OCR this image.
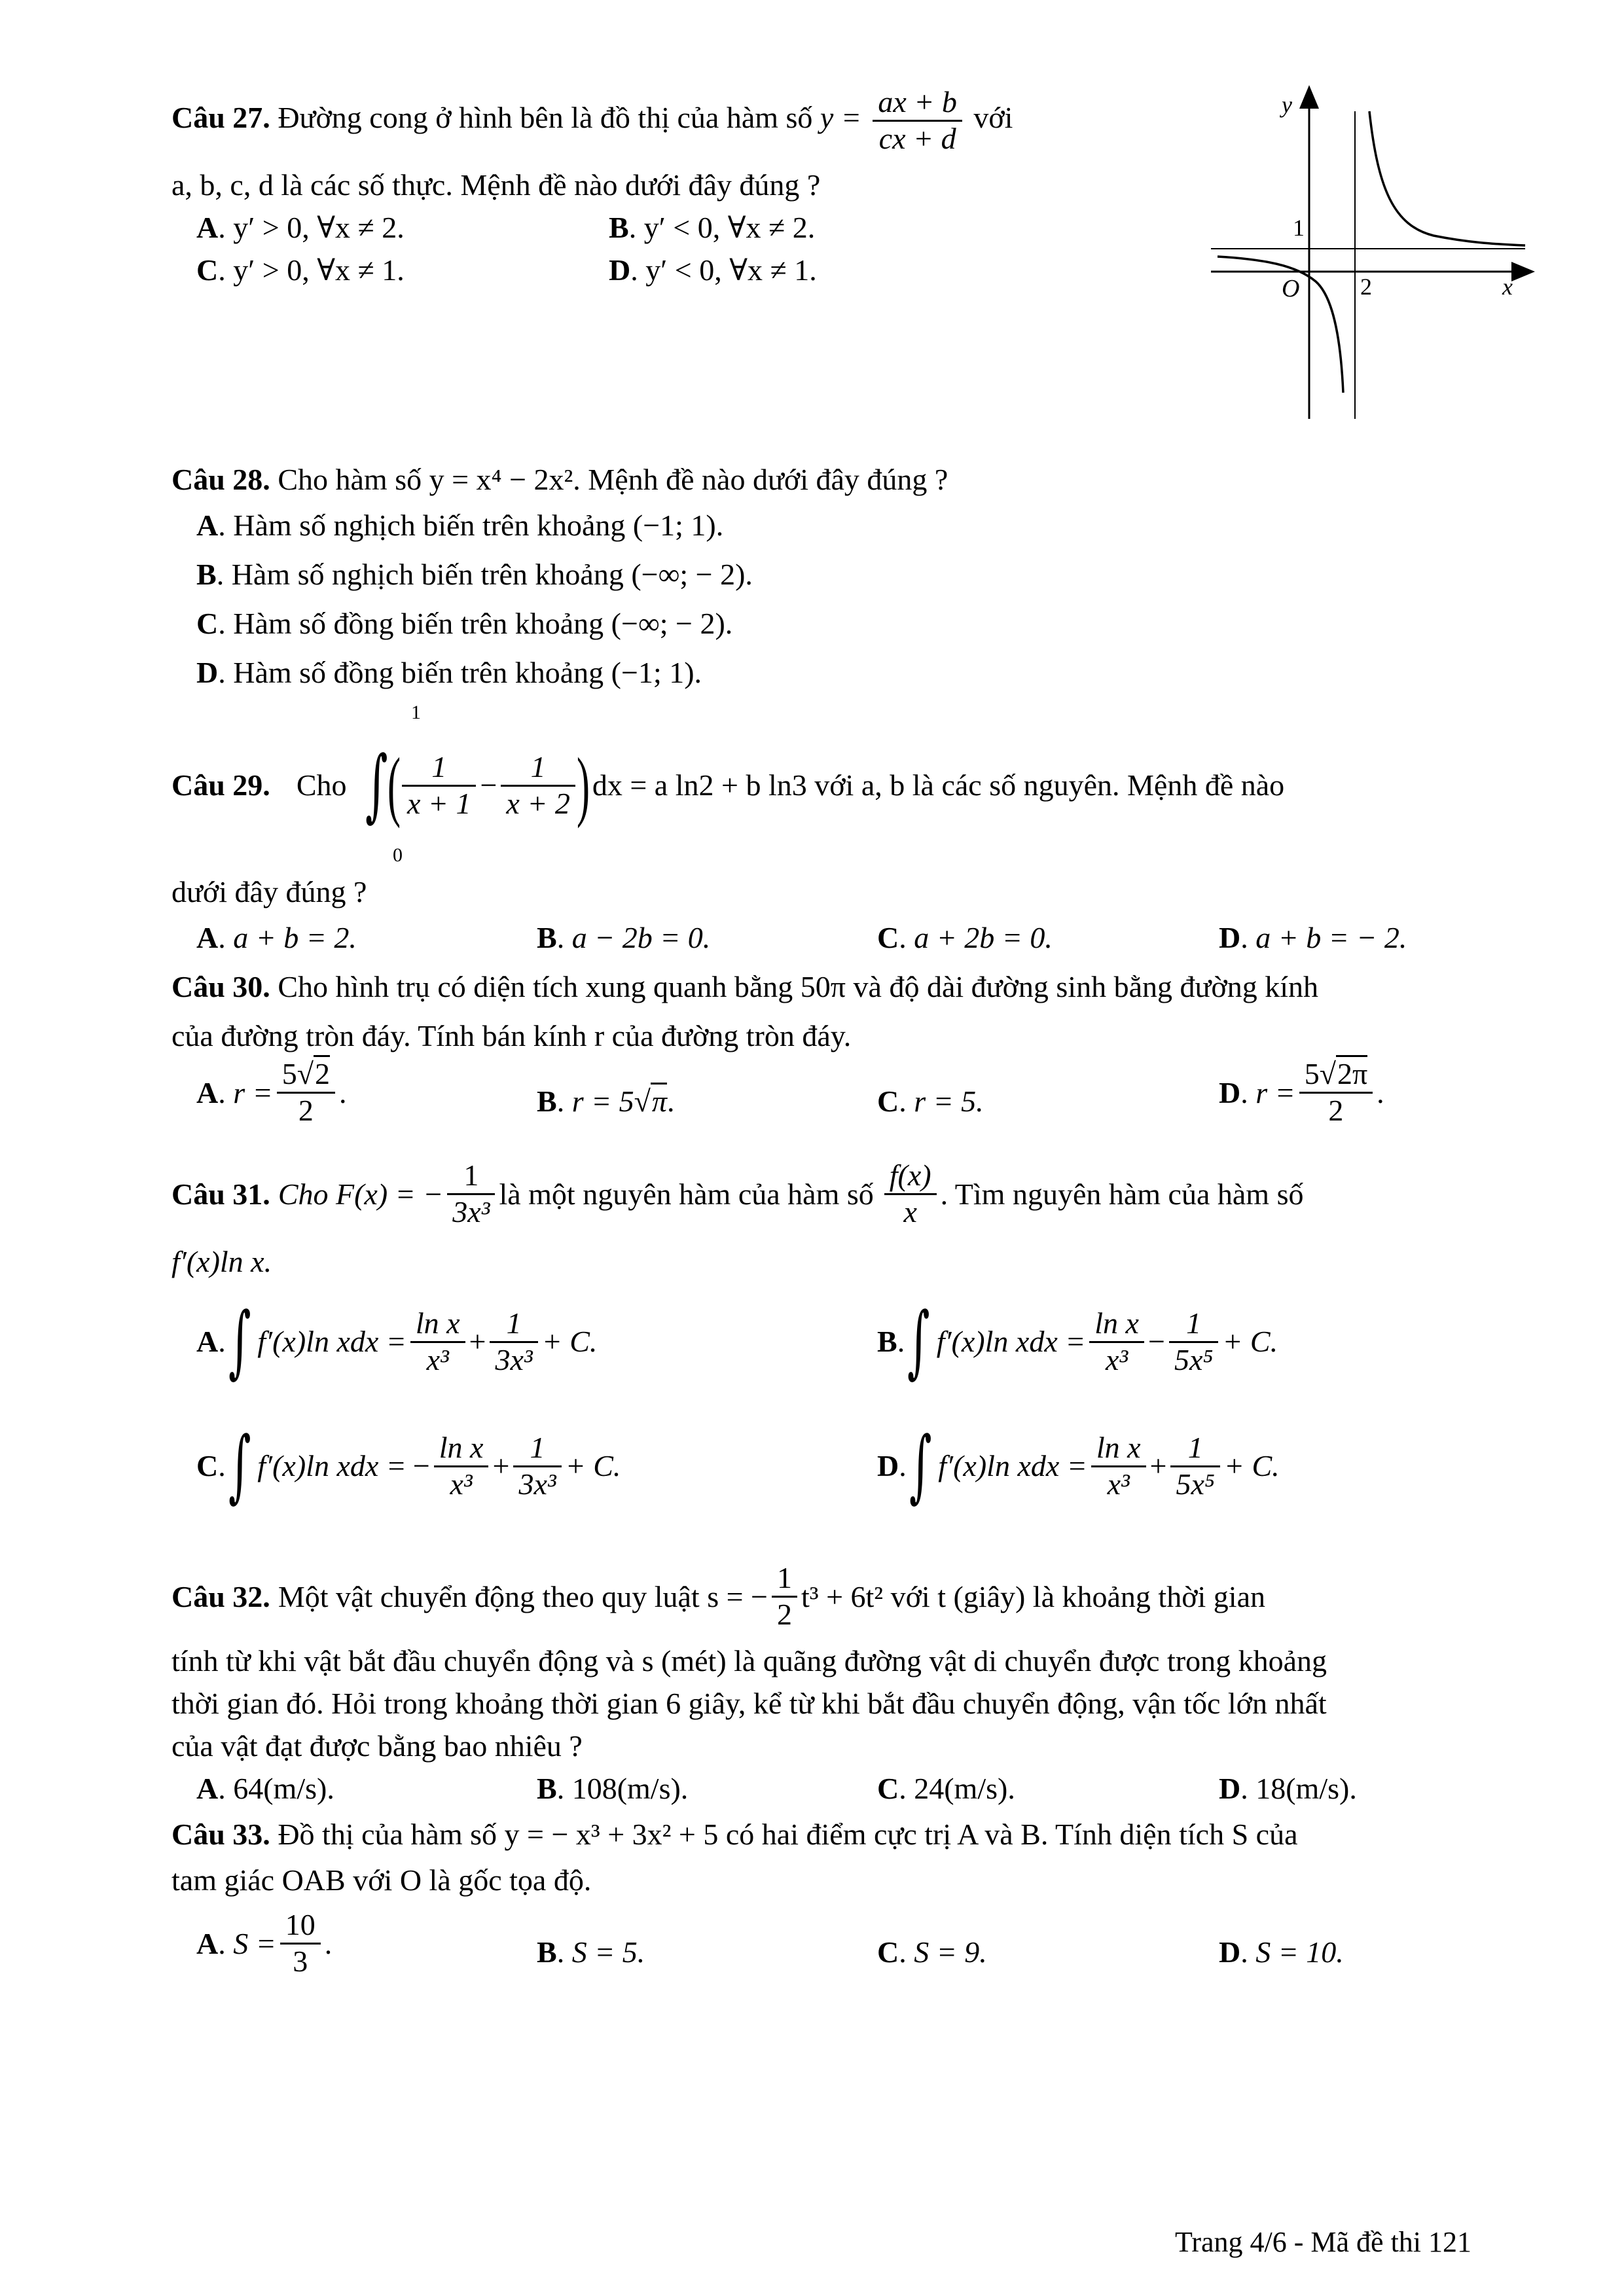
Câu 27. Đường cong ở hình bên là đồ thị của hàm số $y = \frac{ax + b}{cx + d}$ với
a, b, c, d là các số thực. Mệnh đề nào dưới đây đúng ?
A. y′ > 0, ∀x ≠ 2.	B. y′ < 0, ∀x ≠ 2.
C. y′ > 0, ∀x ≠ 1.	D. y′ < 0, ∀x ≠ 1.
y
1
O	2	x
Câu 28. Cho hàm số y = x⁴ − 2x². Mệnh đề nào dưới đây đúng ?
A. Hàm số nghịch biến trên khoảng (−1; 1).
B. Hàm số nghịch biến trên khoảng (−∞; − 2).
C. Hàm số đồng biến trên khoảng (−∞; − 2).
D. Hàm số đồng biến trên khoảng (−1; 1).
1
0
Câu 29. Cho ∫ ( $\frac{1}{x + 1} - \frac{1}{x + 2}$ ) dx = a ln2 + b ln3 với a, b là các số nguyên. Mệnh đề nào
dưới đây đúng ?
A. a + b = 2.	B. a − 2b = 0.	C. a + 2b = 0.	D. a + b = − 2.
Câu 30. Cho hình trụ có diện tích xung quanh bằng 50π và độ dài đường sinh bằng đường kính
của đường tròn đáy. Tính bán kính r của đường tròn đáy.
A . $r = \frac{5√2}{2}$ .	B. r = 5√π.	C. r = 5.	D . $r = \frac{5√2\pi}{2}$ .
Câu 31. Cho F(x) = − $\frac{1}{\text{3x³}}$ là một nguyên hàm của hàm số $\frac{f(x)}{x}$ . Tìm nguyên hàm của hàm số
f′(x)ln x.
A . ∫ f′(x)ln xdx = $\frac{\text{ln x}}{\text{x³}} + \frac{1}{\text{3x³}} + C$.	B . ∫ f′(x)ln xdx = $\frac{\text{ln x}}{\text{x³}} - \frac{1}{\text{5x⁵}} + C$.
C . ∫ f′(x)ln xdx = − $\frac{\text{ln x}}{\text{x³}} + \frac{1}{\text{3x³}} + C$.	D . ∫ f′(x)ln xdx = $\frac{\text{ln x}}{\text{x³}} + \frac{1}{\text{5x⁵}} + C$.
Câu 32. Một vật chuyển động theo quy luật s = − $\frac{1}{2} t^3 + 6t^2$ với t (giây) là khoảng thời gian
tính từ khi vật bắt đầu chuyển động và s (mét) là quãng đường vật di chuyển được trong khoảng
thời gian đó. Hỏi trong khoảng thời gian 6 giây, kể từ khi bắt đầu chuyển động, vận tốc lớn nhất
của vật đạt được bằng bao nhiêu ?
A. 64(m/s).	B. 108(m/s).	C. 24(m/s).	D. 18(m/s).
Câu 33. Đồ thị của hàm số y = − x³ + 3x² + 5 có hai điểm cực trị A và B. Tính diện tích S của
tam giác OAB với O là gốc tọa độ.
A . $S = \frac{10}{3}$ .	B. S = 5.	C. S = 9.	D. S = 10.
Trang 4/6 - Mã đề thi 121
